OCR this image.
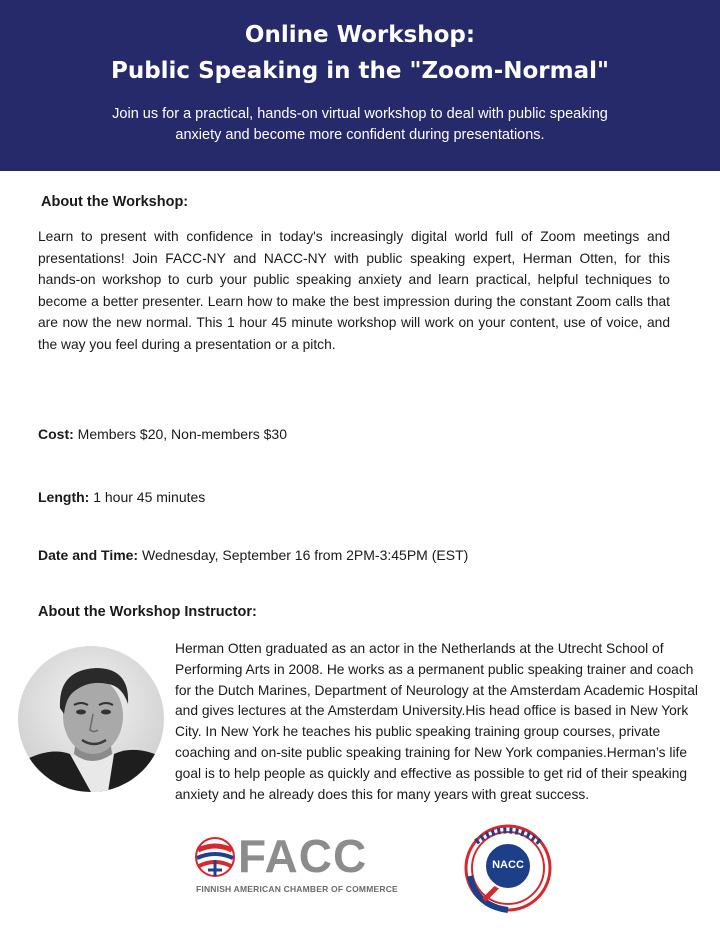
Online Workshop:
Public Speaking in the "Zoom-Normal"
Join us for a practical, hands-on virtual workshop to deal with public speaking anxiety and become more confident during presentations.
About the Workshop:
Learn to present with confidence in today's increasingly digital world full of Zoom meetings and presentations! Join FACC-NY and NACC-NY with public speaking expert, Herman Otten, for this hands-on workshop to curb your public speaking anxiety and learn practical, helpful techniques to become a better presenter. Learn how to make the best impression during the constant Zoom calls that are now the new normal. This 1 hour 45 minute workshop will work on your content, use of voice, and the way you feel during a presentation or a pitch.
Cost: Members $20, Non-members $30
Length: 1 hour 45 minutes
Date and Time: Wednesday, September 16 from 2PM-3:45PM (EST)
About the Workshop Instructor:
Herman Otten graduated as an actor in the Netherlands at the Utrecht School of Performing Arts in 2008. He works as a permanent public speaking trainer and coach for the Dutch Marines, Department of Neurology at the Amsterdam Academic Hospital and gives lectures at the Amsterdam University.His head office is based in New York City. In New York he teaches his public speaking training group courses, private coaching and on-site public speaking training for New York companies.Herman’s life goal is to help people as quickly and effective as possible to get rid of their speaking anxiety and he already does this for many years with great success.
FACC
FINNISH AMERICAN CHAMBER OF COMMERCE
NACC
